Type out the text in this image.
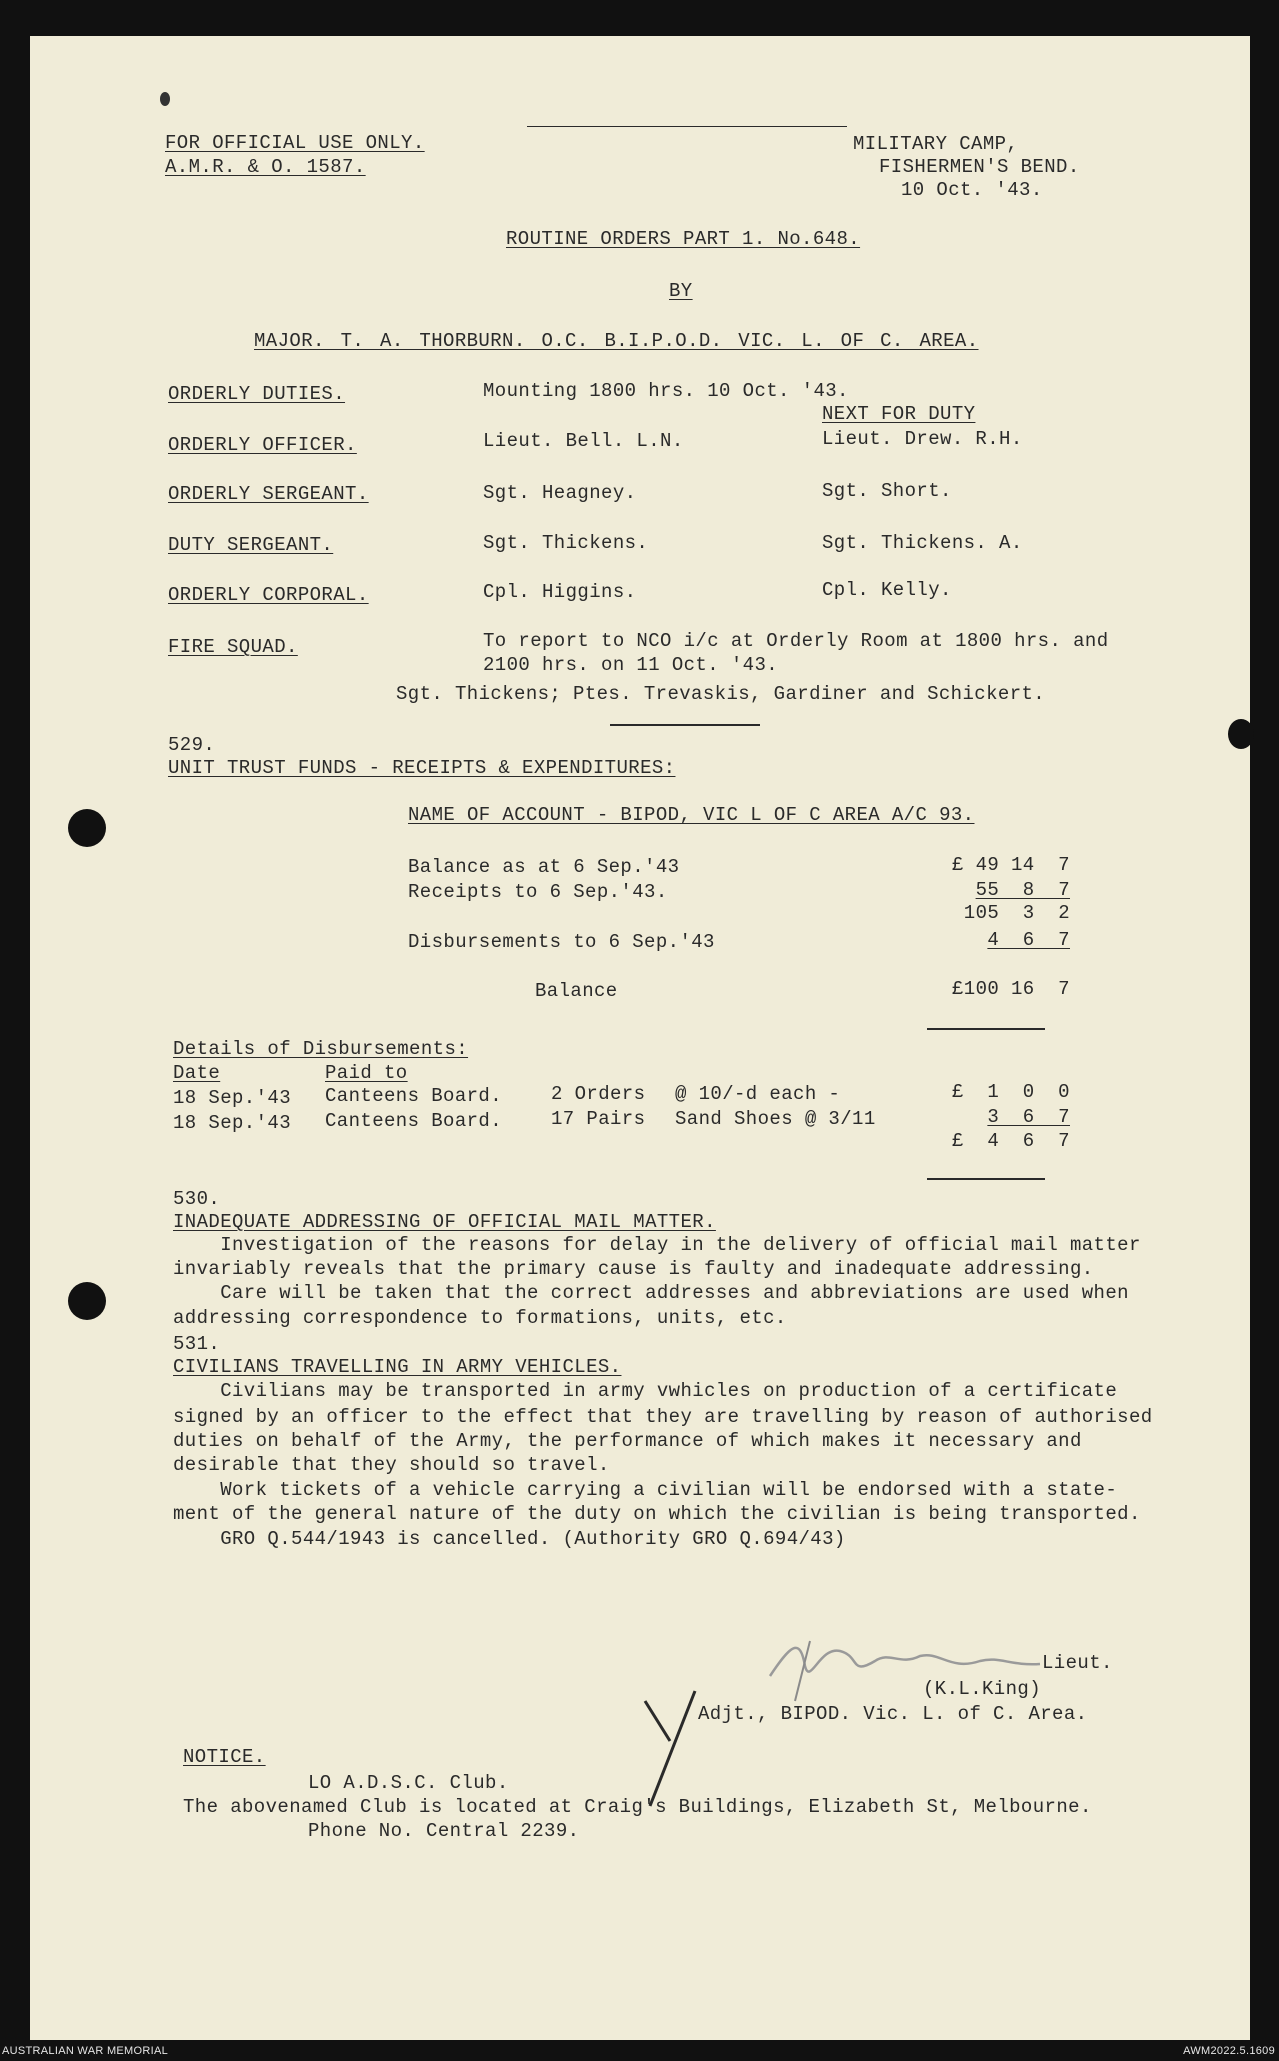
FOR OFFICIAL USE ONLY.
A.M.R. & O. 1587.
MILITARY CAMP,
FISHERMEN'S BEND.
10 Oct. '43.
ROUTINE ORDERS PART 1. No.648.
BY
MAJOR. T. A. THORBURN. O.C. B.I.P.O.D. VIC. L. OF C. AREA.
NEXT FOR DUTY
ORDERLY DUTIES.	Mounting 1800 hrs. 10 Oct. '43.
ORDERLY OFFICER.	Lieut. Bell. L.N.	Lieut. Drew. R.H.
ORDERLY SERGEANT.	Sgt. Heagney.	Sgt. Short.
DUTY SERGEANT.	Sgt. Thickens.	Sgt. Thickens. A.
ORDERLY CORPORAL.	Cpl. Higgins.	Cpl. Kelly.
FIRE SQUAD.	To report to NCO i/c at Orderly Room at 1800 hrs. and
2100 hrs. on 11 Oct. '43.
Sgt. Thickens; Ptes. Trevaskis, Gardiner and Schickert.
529.
UNIT TRUST FUNDS - RECEIPTS & EXPENDITURES:
NAME OF ACCOUNT - BIPOD, VIC L OF C AREA A/C 93.
Balance as at 6 Sep.'43	£ 49 14  7
Receipts to 6 Sep.'43.	55  8  7
105  3  2
Disbursements to 6 Sep.'43	4  6  7
Balance	£100 16  7
Details of Disbursements:
Date	Paid to
18 Sep.'43 Canteens Board.	2 Orders @ 10/-d each -	£  1  0  0
18 Sep.'43 Canteens Board.	17 Pairs Sand Shoes @ 3/11	3  6  7
£  4  6  7
530.
INADEQUATE ADDRESSING OF OFFICIAL MAIL MATTER.
Investigation of the reasons for delay in the delivery of official mail matter
invariably reveals that the primary cause is faulty and inadequate addressing.
Care will be taken that the correct addresses and abbreviations are used when
addressing correspondence to formations, units, etc.
531.
CIVILIANS TRAVELLING IN ARMY VEHICLES.
Civilians may be transported in army vwhicles on production of a certificate
signed by an officer to the effect that they are travelling by reason of authorised
duties on behalf of the Army, the performance of which makes it necessary and
desirable that they should so travel.
Work tickets of a vehicle carrying a civilian will be endorsed with a state-
ment of the general nature of the duty on which the civilian is being transported.
GRO Q.544/1943 is cancelled. (Authority GRO Q.694/43)
Lieut.
(K.L.King)
Adjt., BIPOD. Vic. L. of C. Area.
NOTICE.
LO A.D.S.C. Club.
The abovenamed Club is located at Craig's Buildings, Elizabeth St, Melbourne.
Phone No. Central 2239.
AUSTRALIAN WAR MEMORIAL	AWM2022.5.1609
